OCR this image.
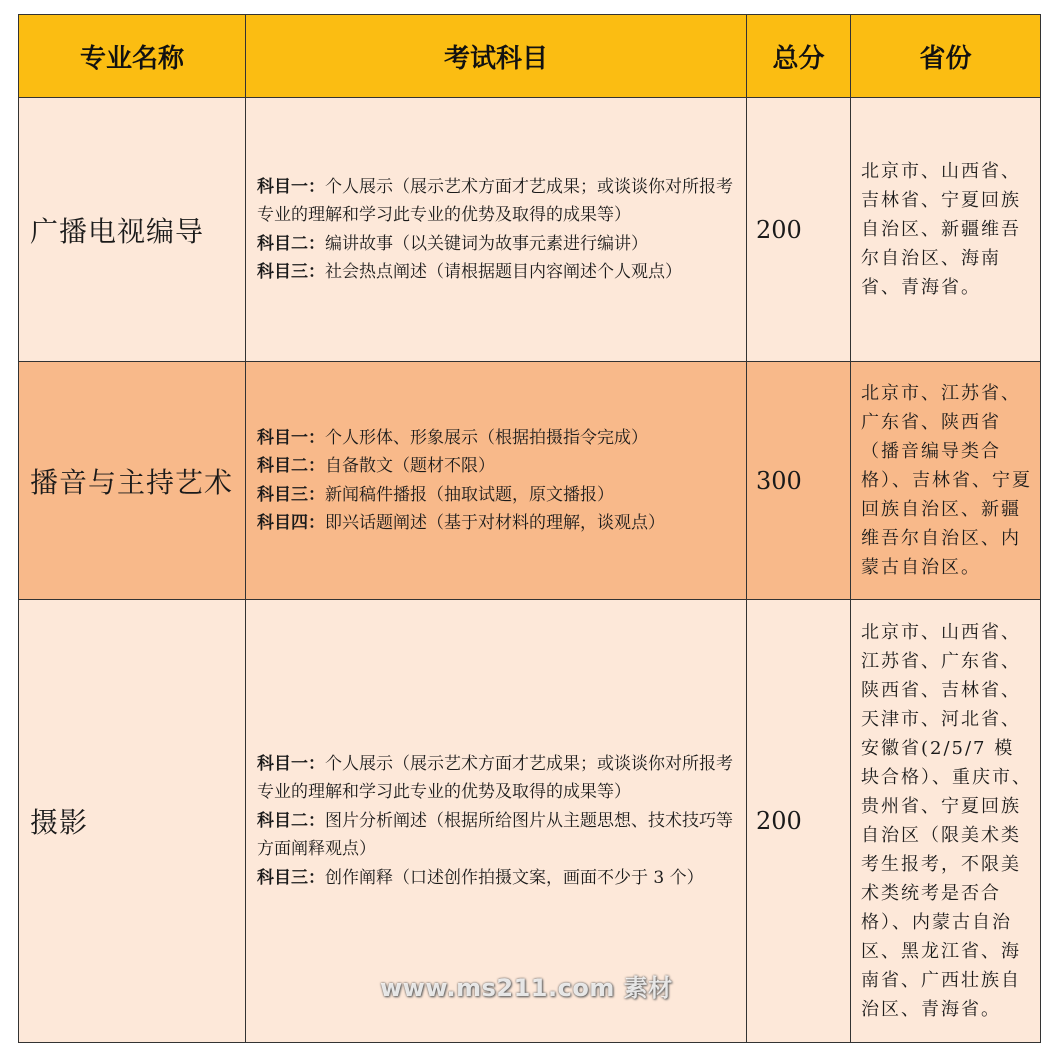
专业名称	考试科目	总分	省份
广播电视编导	科目一：个人展示（展示艺术方面才艺成果；或谈谈你对所报考专业的理解和学习此专业的优势及取得的成果等）
科目二：编讲故事（以关键词为故事元素进行编讲）
科目三：社会热点阐述（请根据题目内容阐述个人观点）	200	北京市、山西省、吉林省、宁夏回族自治区、新疆维吾尔自治区、海南省、青海省。
播音与主持艺术	科目一：个人形体、形象展示（根据拍摄指令完成）
科目二：自备散文（题材不限）
科目三：新闻稿件播报（抽取试题，原文播报）
科目四：即兴话题阐述（基于对材料的理解，谈观点）	300	北京市、江苏省、广东省、陕西省（播音编导类合格）、吉林省、宁夏回族自治区、新疆维吾尔自治区、内蒙古自治区。
摄影	科目一：个人展示（展示艺术方面才艺成果；或谈谈你对所报考专业的理解和学习此专业的优势及取得的成果等）
科目二：图片分析阐述（根据所给图片从主题思想、技术技巧等方面阐释观点）
科目三：创作阐释（口述创作拍摄文案，画面不少于 3 个）	200	北京市、山西省、江苏省、广东省、陕西省、吉林省、天津市、河北省、安徽省(2/5/7 模块合格）、重庆市、贵州省、宁夏回族自治区（限美术类考生报考，不限美术类统考是否合格）、内蒙古自治区、黑龙江省、海南省、广西壮族自治区、青海省。
www.ms211.com 素材
